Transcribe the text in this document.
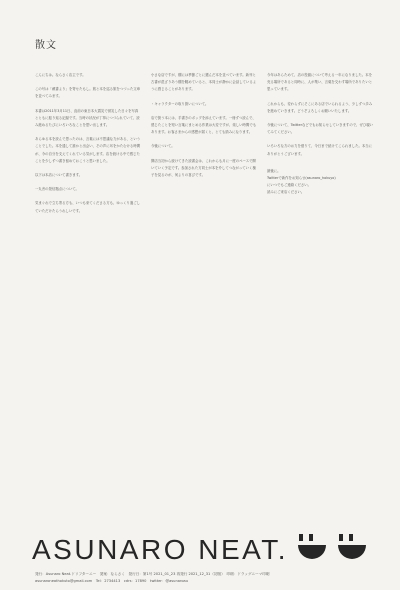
散文

こんにちは。ならさく店主です。

この号は「蔵書より」を寄せたもし。旅と本を巡る旅をつづった文章を並べてみます。

本書は2011年3月11日、直前の東日本大震災で被災した日々を写真とともに振り返る記録です。当時の状況が丁寧につづられていて、読み進めるたびにいろいろなことを思い出します。

あらゆる本を読んで思ったのは、言葉には不思議な力がある、ということでした。本を通して誰かと出会い、その声に耳をかたむける時間が、今の自分を支えてくれている気がします。店を続ける中で感じたことを少しずつ書き留めておこうと思いました。

以下は本店について書きます。

一丸舎の発信拠点について。

気まぐれで立ち寄る方も、いつも来てくださる方も、ゆっくり過ごしていただけたらうれしいです。

小さな店ですが、棚には季節ごとに選んだ本を並べています。新刊と古書が混ざりあう棚を眺めていると、本同士が静かに会話しているように感じることがあります。

・キャラクターの取り扱いについて。

店で扱う本には、手書きのポップを添えています。一冊ずつ読んで、感じたことを短い言葉にまとめる作業は大変ですが、楽しい時間でもあります。お客さまからの感想が届くと、とても励みになります。

今後について。

開店当初から続けてきた読書会は、これからも月に一度のペースで開いていく予定です。参加された方同士が本を介してつながっていく様子を見るのが、何よりの喜びです。

今年はあらためて、店の役割について考える一年になりました。本を売る場所であると同時に、人が集い、言葉を交わす場所でありたいと思っています。

これからも、変わらずにそこにある店でいられるよう、少しずつ歩みを進めていきます。どうぞよろしくお願いいたします。

今後について、Twitterなどでもお知らせしていきますので、ぜひ覗いてみてください。

いろいろな方のお力を借りて、今日まで続けてこられました。本当にありがとうございます。

最後に。

Twitterで新作をお知らせ(asunaro_hokuyo)

にいつでもご連絡ください。

読みにご来店ください。

ASUNARO NEAT.
発行：Asunaro Neat.ドリフターニー　発案：ならさく　発行日：第1号 2021_01_23 再発行 2021_12_31（初版）　印刷：ドラッグニーマ印刷
asunaroneathokuto@gmail.com　Tel：2734413　cdrs：17890　twitter：@asunaroau
